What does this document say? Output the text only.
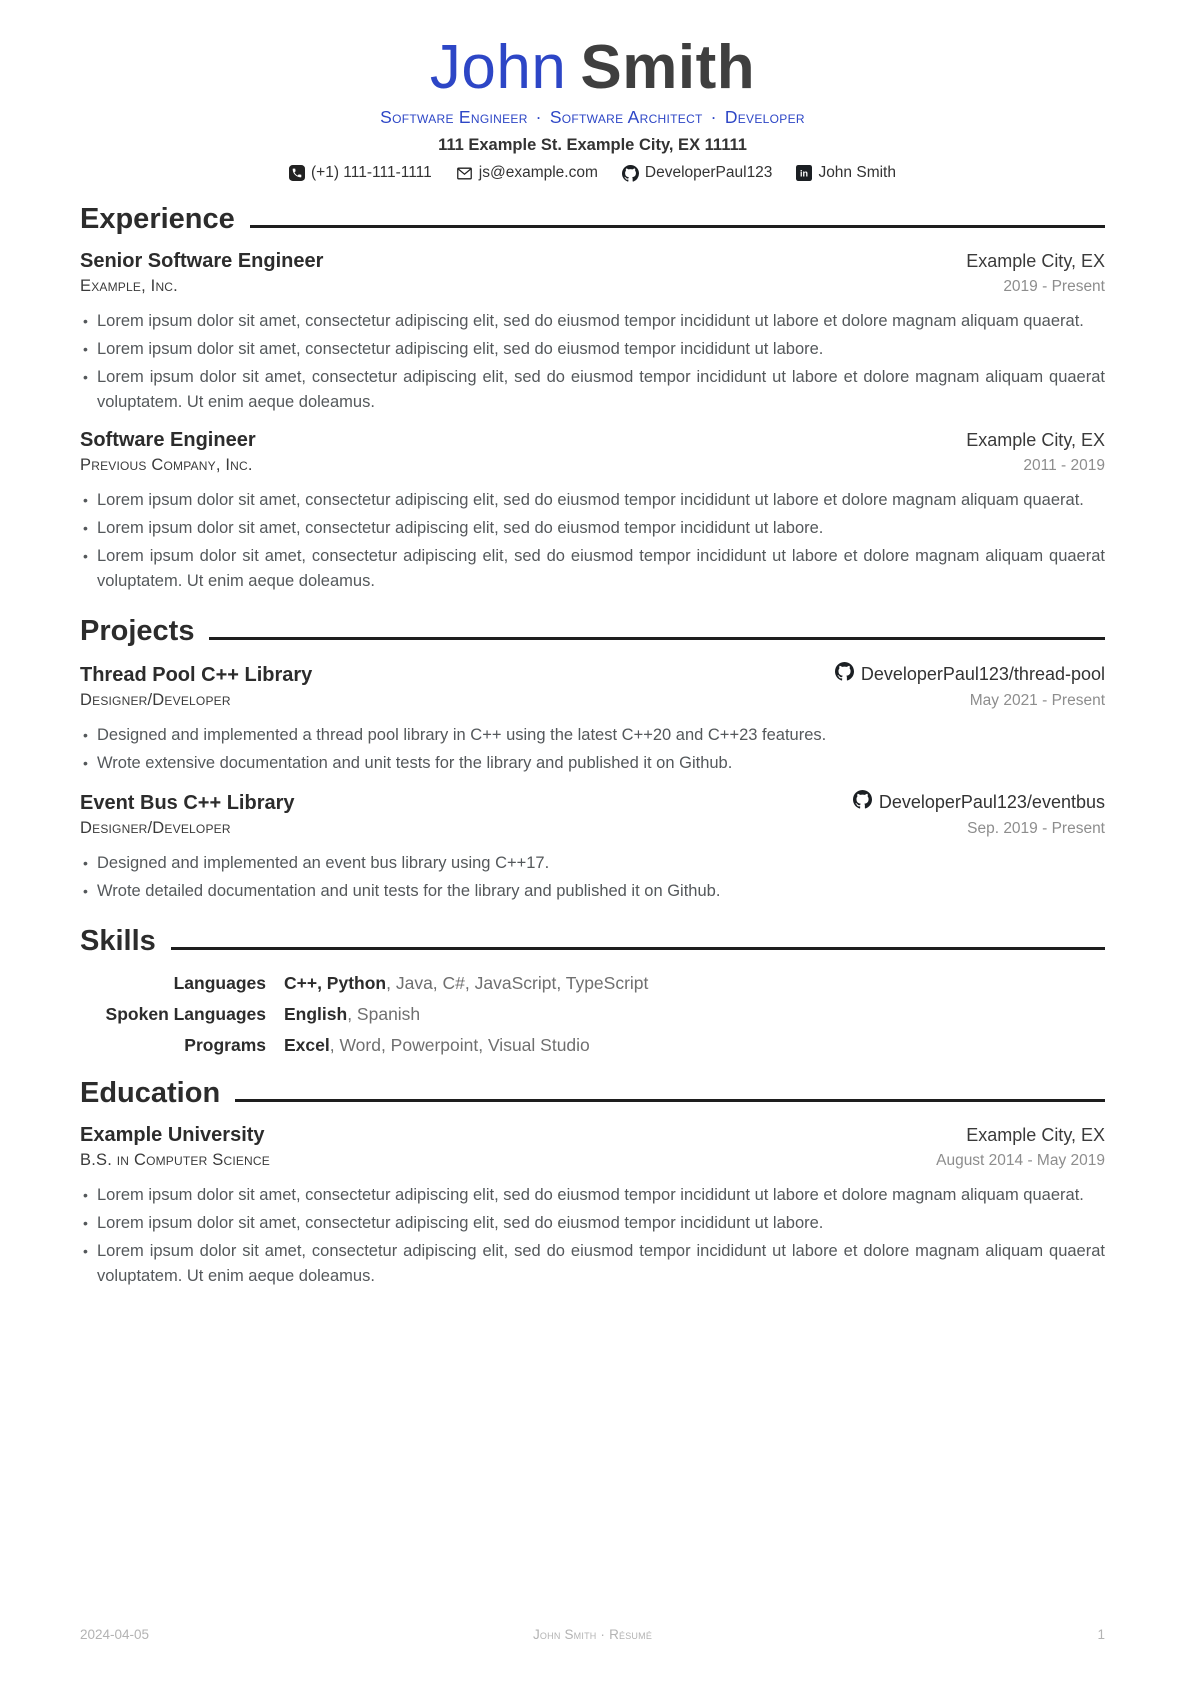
John Smith
Software Engineer · Software Architect · Developer
111 Example St. Example City, EX 11111
(+1) 111-111-1111	js@example.com	DeveloperPaul123 in John Smith
Experience
Senior Software Engineer	Example City, EX
Example, Inc.	2019 - Present
• Lorem ipsum dolor sit amet, consectetur adipiscing elit, sed do eiusmod tempor incididunt ut labore et dolore magnam aliquam quaerat.
• Lorem ipsum dolor sit amet, consectetur adipiscing elit, sed do eiusmod tempor incididunt ut labore.
• Lorem ipsum dolor sit amet, consectetur adipiscing elit, sed do eiusmod tempor incididunt ut labore et dolore magnam aliquam quaerat voluptatem. Ut enim aeque doleamus.
Software Engineer	Example City, EX
Previous Company, Inc.	2011 - 2019
• Lorem ipsum dolor sit amet, consectetur adipiscing elit, sed do eiusmod tempor incididunt ut labore et dolore magnam aliquam quaerat.
• Lorem ipsum dolor sit amet, consectetur adipiscing elit, sed do eiusmod tempor incididunt ut labore.
• Lorem ipsum dolor sit amet, consectetur adipiscing elit, sed do eiusmod tempor incididunt ut labore et dolore magnam aliquam quaerat voluptatem. Ut enim aeque doleamus.
Projects
Thread Pool C++ Library	DeveloperPaul123/thread-pool
Designer/Developer	May 2021 - Present
• Designed and implemented a thread pool library in C++ using the latest C++20 and C++23 features.
• Wrote extensive documentation and unit tests for the library and published it on Github.
Event Bus C++ Library	DeveloperPaul123/eventbus
Designer/Developer	Sep. 2019 - Present
• Designed and implemented an event bus library using C++17.
• Wrote detailed documentation and unit tests for the library and published it on Github.
Skills
Languages C++, Python, Java, C#, JavaScript, TypeScript
Spoken Languages English, Spanish
Programs Excel, Word, Powerpoint, Visual Studio
Education
Example University	Example City, EX
B.S. in Computer Science	August 2014 - May 2019
• Lorem ipsum dolor sit amet, consectetur adipiscing elit, sed do eiusmod tempor incididunt ut labore et dolore magnam aliquam quaerat.
• Lorem ipsum dolor sit amet, consectetur adipiscing elit, sed do eiusmod tempor incididunt ut labore.
• Lorem ipsum dolor sit amet, consectetur adipiscing elit, sed do eiusmod tempor incididunt ut labore et dolore magnam aliquam quaerat voluptatem. Ut enim aeque doleamus.
2024-04-05	John Smith · Résumé	1
